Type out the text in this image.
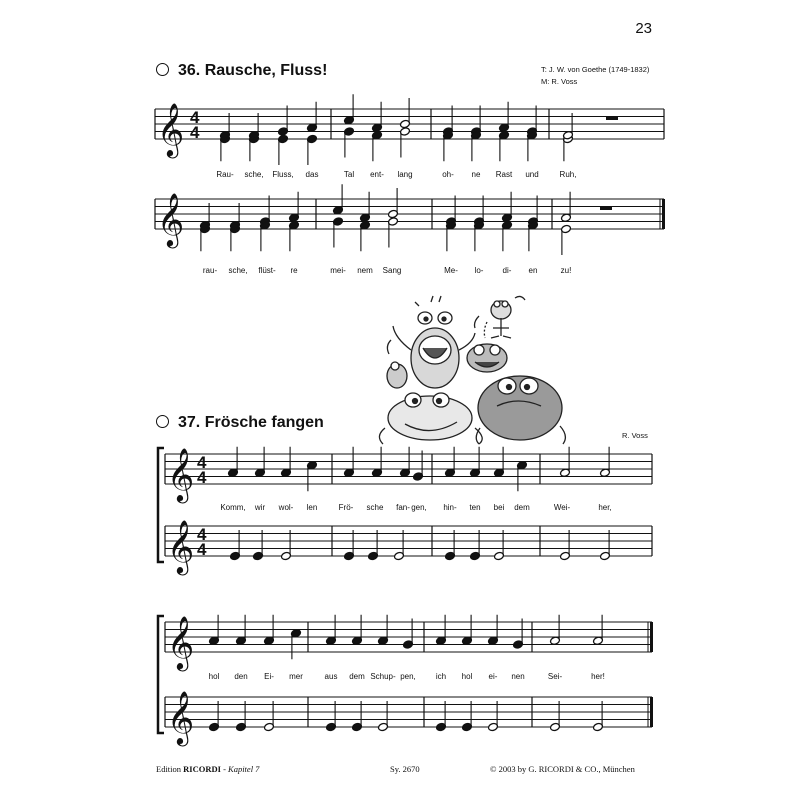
23
36. Rausche, Fluss!	T: J. W. von Goethe (1749-1832)
M: R. Voss
37. Frösche fangen
R. Voss
𝄞 4
4
𝄞
𝄞
𝄞
4
4
4
4
𝄞
𝄞
Rau- sche, Fluss, das	Tal ent- lang	oh- ne Rast und	Ruh,
rau- sche, flüst- re	mei- nem Sang	Me- lo- di- en	zu!
Komm, wir wol- len	Frö- sche fan- gen, hin- ten bei dem	Wei-	her,
hol den Ei- mer	aus dem Schup- pen,	ich hol ei- nen	Sei-	her!
Edition RICORDI - Kapitel 7	Sy. 2670	© 2003 by G. RICORDI & CO., München
